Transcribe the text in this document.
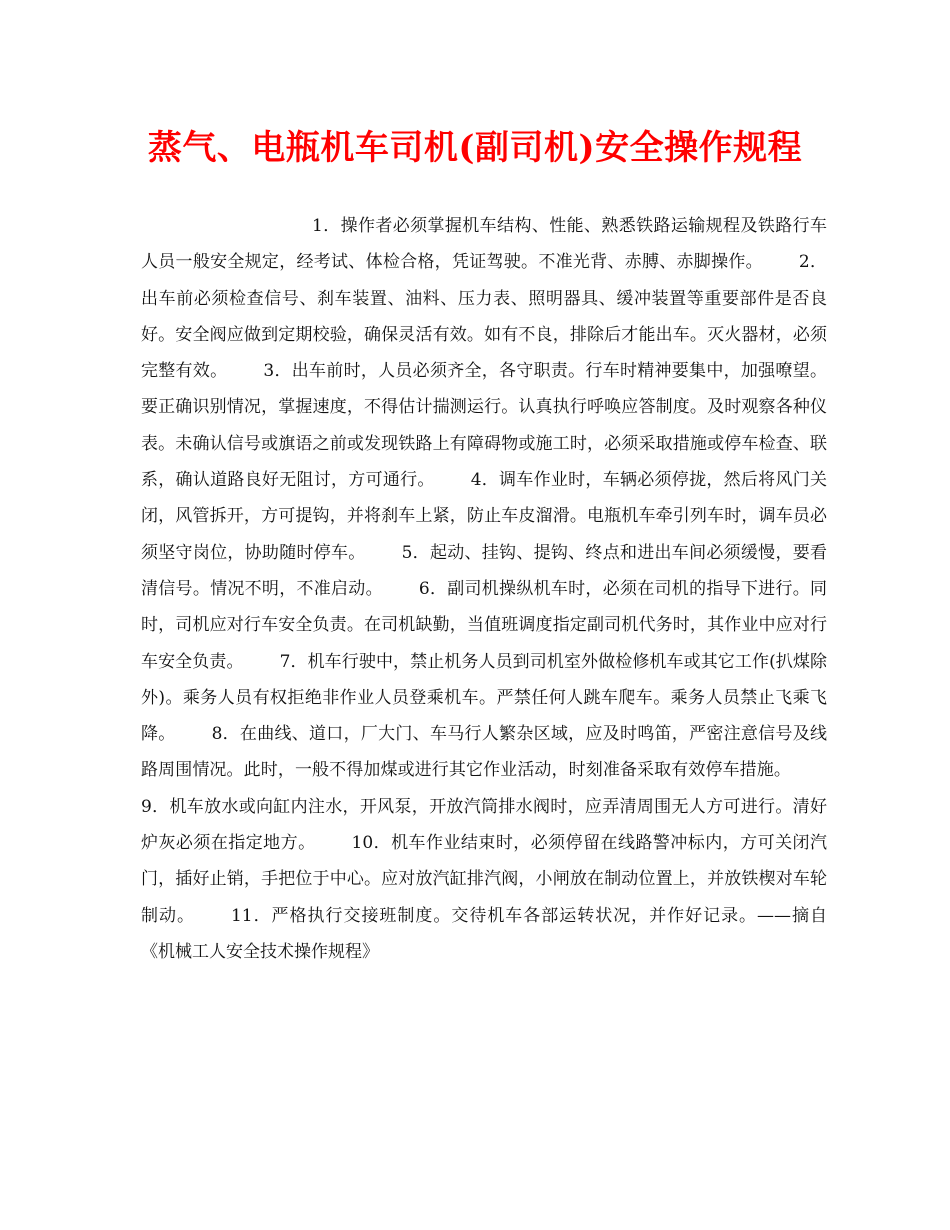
蒸气、电瓶机车司机(副司机)安全操作规程

1．操作者必须掌握机车结构、性能、熟悉铁路运输规程及铁路行车人员一般安全规定，经考试、体检合格，凭证驾驶。不准光背、赤膊、赤脚操作。 2．出车前必须检查信号、刹车装置、油料、压力表、照明器具、缓冲装置等重要部件是否良好。安全阀应做到定期校验，确保灵活有效。如有不良，排除后才能出车。灭火器材，必须完整有效。 3．出车前时，人员必须齐全，各守职责。行车时精神要集中，加强嘹望。要正确识别情况，掌握速度，不得估计揣测运行。认真执行呼唤应答制度。及时观察各种仪表。未确认信号或旗语之前或发现铁路上有障碍物或施工时，必须采取措施或停车检查、联系，确认道路良好无阻讨，方可通行。 4．调车作业时，车辆必须停拢，然后将风门关闭，风管拆开，方可提钩，并将刹车上紧，防止车皮溜滑。电瓶机车牵引列车时，调车员必须坚守岗位，协助随时停车。 5．起动、挂钩、提钩、终点和进出车间必须缓慢，要看清信号。情况不明，不准启动。 6．副司机操纵机车时，必须在司机的指导下进行。同时，司机应对行车安全负责。在司机缺勤，当值班调度指定副司机代务时，其作业中应对行车安全负责。 7．机车行驶中，禁止机务人员到司机室外做检修机车或其它工作(扒煤除外)。乘务人员有权拒绝非作业人员登乘机车。严禁任何人跳车爬车。乘务人员禁止飞乘飞降。 8．在曲线、道口，厂大门、车马行人繁杂区域，应及时鸣笛，严密注意信号及线路周围情况。此时，一般不得加煤或进行其它作业活动，时刻准备采取有效停车措施。9．机车放水或向缸内注水，开风泵，开放汽筒排水阀时，应弄清周围无人方可进行。清好炉灰必须在指定地方。 10．机车作业结束时，必须停留在线路警冲标内，方可关闭汽门，插好止销，手把位于中心。应对放汽缸排汽阀，小闸放在制动位置上，并放铁楔对车轮制动。 11．严格执行交接班制度。交待机车各部运转状况，并作好记录。——摘自《机械工人安全技术操作规程》
